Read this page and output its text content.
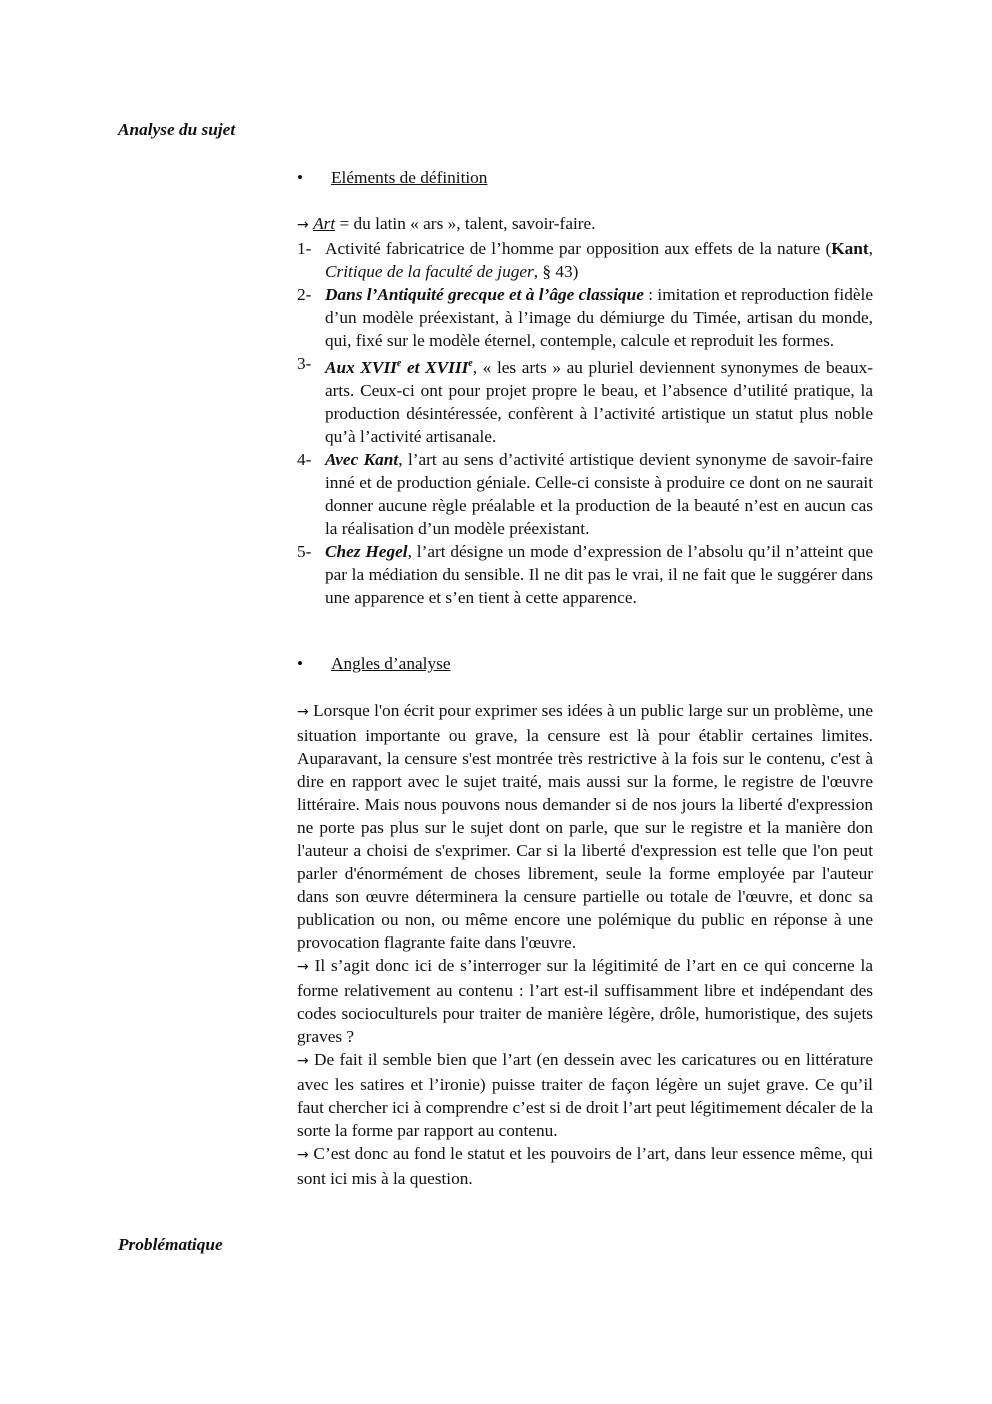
Analyse du sujet
• Eléments de définition

→ Art = du latin « ars », talent, savoir-faire.

1- Activité fabricatrice de l’homme par opposition aux effets de la nature (Kant, Critique de la faculté de juger, § 43)

2- Dans l’Antiquité grecque et à l’âge classique : imitation et reproduction fidèle d’un modèle préexistant, à l’image du démiurge du Timée, artisan du monde, qui, fixé sur le modèle éternel, contemple, calcule et reproduit les formes.

3- Aux XVIIe et XVIIIe, « les arts » au pluriel deviennent synonymes de beaux-arts. Ceux-ci ont pour projet propre le beau, et l’absence d’utilité pratique, la production désintéressée, confèrent à l’activité artistique un statut plus noble qu’à l’activité artisanale.

4- Avec Kant, l’art au sens d’activité artistique devient synonyme de savoir-faire inné et de production géniale. Celle-ci consiste à produire ce dont on ne saurait donner aucune règle préalable et la production de la beauté n’est en aucun cas la réalisation d’un modèle préexistant.

5- Chez Hegel, l’art désigne un mode d’expression de l’absolu qu’il n’atteint que par la médiation du sensible. Il ne dit pas le vrai, il ne fait que le suggérer dans une apparence et s’en tient à cette apparence.

• Angles d’analyse

→ Lorsque l'on écrit pour exprimer ses idées à un public large sur un problème, une situation importante ou grave, la censure est là pour établir certaines limites. Auparavant, la censure s'est montrée très restrictive à la fois sur le contenu, c'est à dire en rapport avec le sujet traité, mais aussi sur la forme, le registre de l'œuvre littéraire. Mais nous pouvons nous demander si de nos jours la liberté d'expression ne porte pas plus sur le sujet dont on parle, que sur le registre et la manière don l'auteur a choisi de s'exprimer. Car si la liberté d'expression est telle que l'on peut parler d'énormément de choses librement, seule la forme employée par l'auteur dans son œuvre déterminera la censure partielle ou totale de l'œuvre, et donc sa publication ou non, ou même encore une polémique du public en réponse à une provocation flagrante faite dans l'œuvre.

→ Il s’agit donc ici de s’interroger sur la légitimité de l’art en ce qui concerne la forme relativement au contenu : l’art est-il suffisamment libre et indépendant des codes socioculturels pour traiter de manière légère, drôle, humoristique, des sujets graves ?

→ De fait il semble bien que l’art (en dessein avec les caricatures ou en littérature avec les satires et l’ironie) puisse traiter de façon légère un sujet grave. Ce qu’il faut chercher ici à comprendre c’est si de droit l’art peut légitimement décaler de la sorte la forme par rapport au contenu.

→ C’est donc au fond le statut et les pouvoirs de l’art, dans leur essence même, qui sont ici mis à la question.

Problématique
